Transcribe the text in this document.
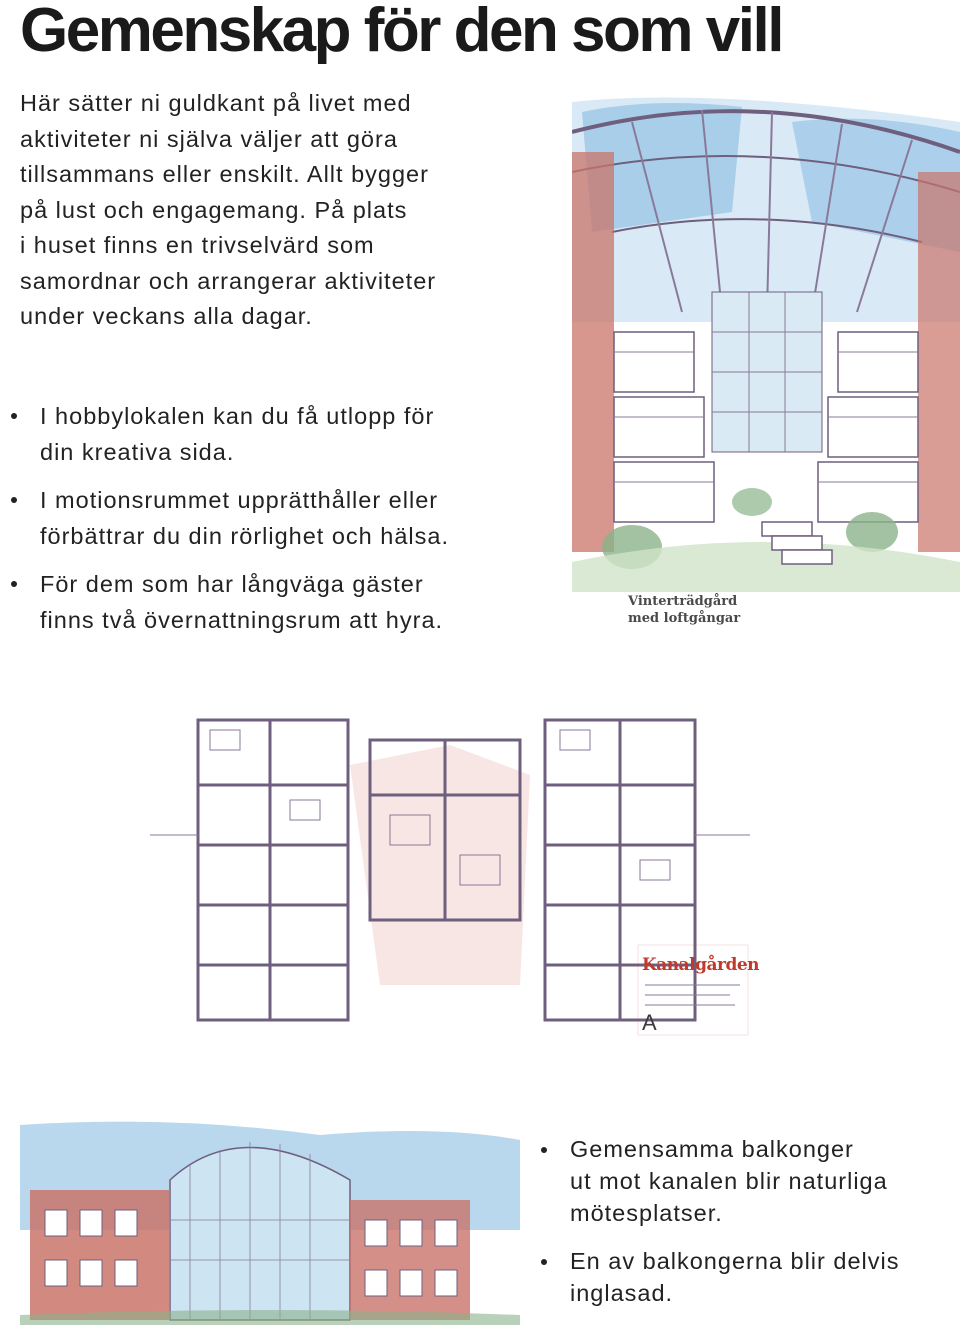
Gemenskap för den som vill
Här sätter ni guldkant på livet med
aktiviteter ni själva väljer att göra
tillsammans eller enskilt. Allt bygger
på lust och engagemang. På plats
i huset finns en trivselvärd som
samordnar och arrangerar aktiviteter
under veckans alla dagar.
I hobbylokalen kan du få utlopp för
din kreativa sida.
I motionsrummet upprätthåller eller
förbättrar du din rörlighet och hälsa.
För dem som har långväga gäster
finns två övernattningsrum att hyra.
Vinterträdgård
med loftgångar
A
Kanalgården
Gemensamma balkonger
ut mot kanalen blir naturliga
mötesplatser.
En av balkongerna blir delvis
inglasad.
